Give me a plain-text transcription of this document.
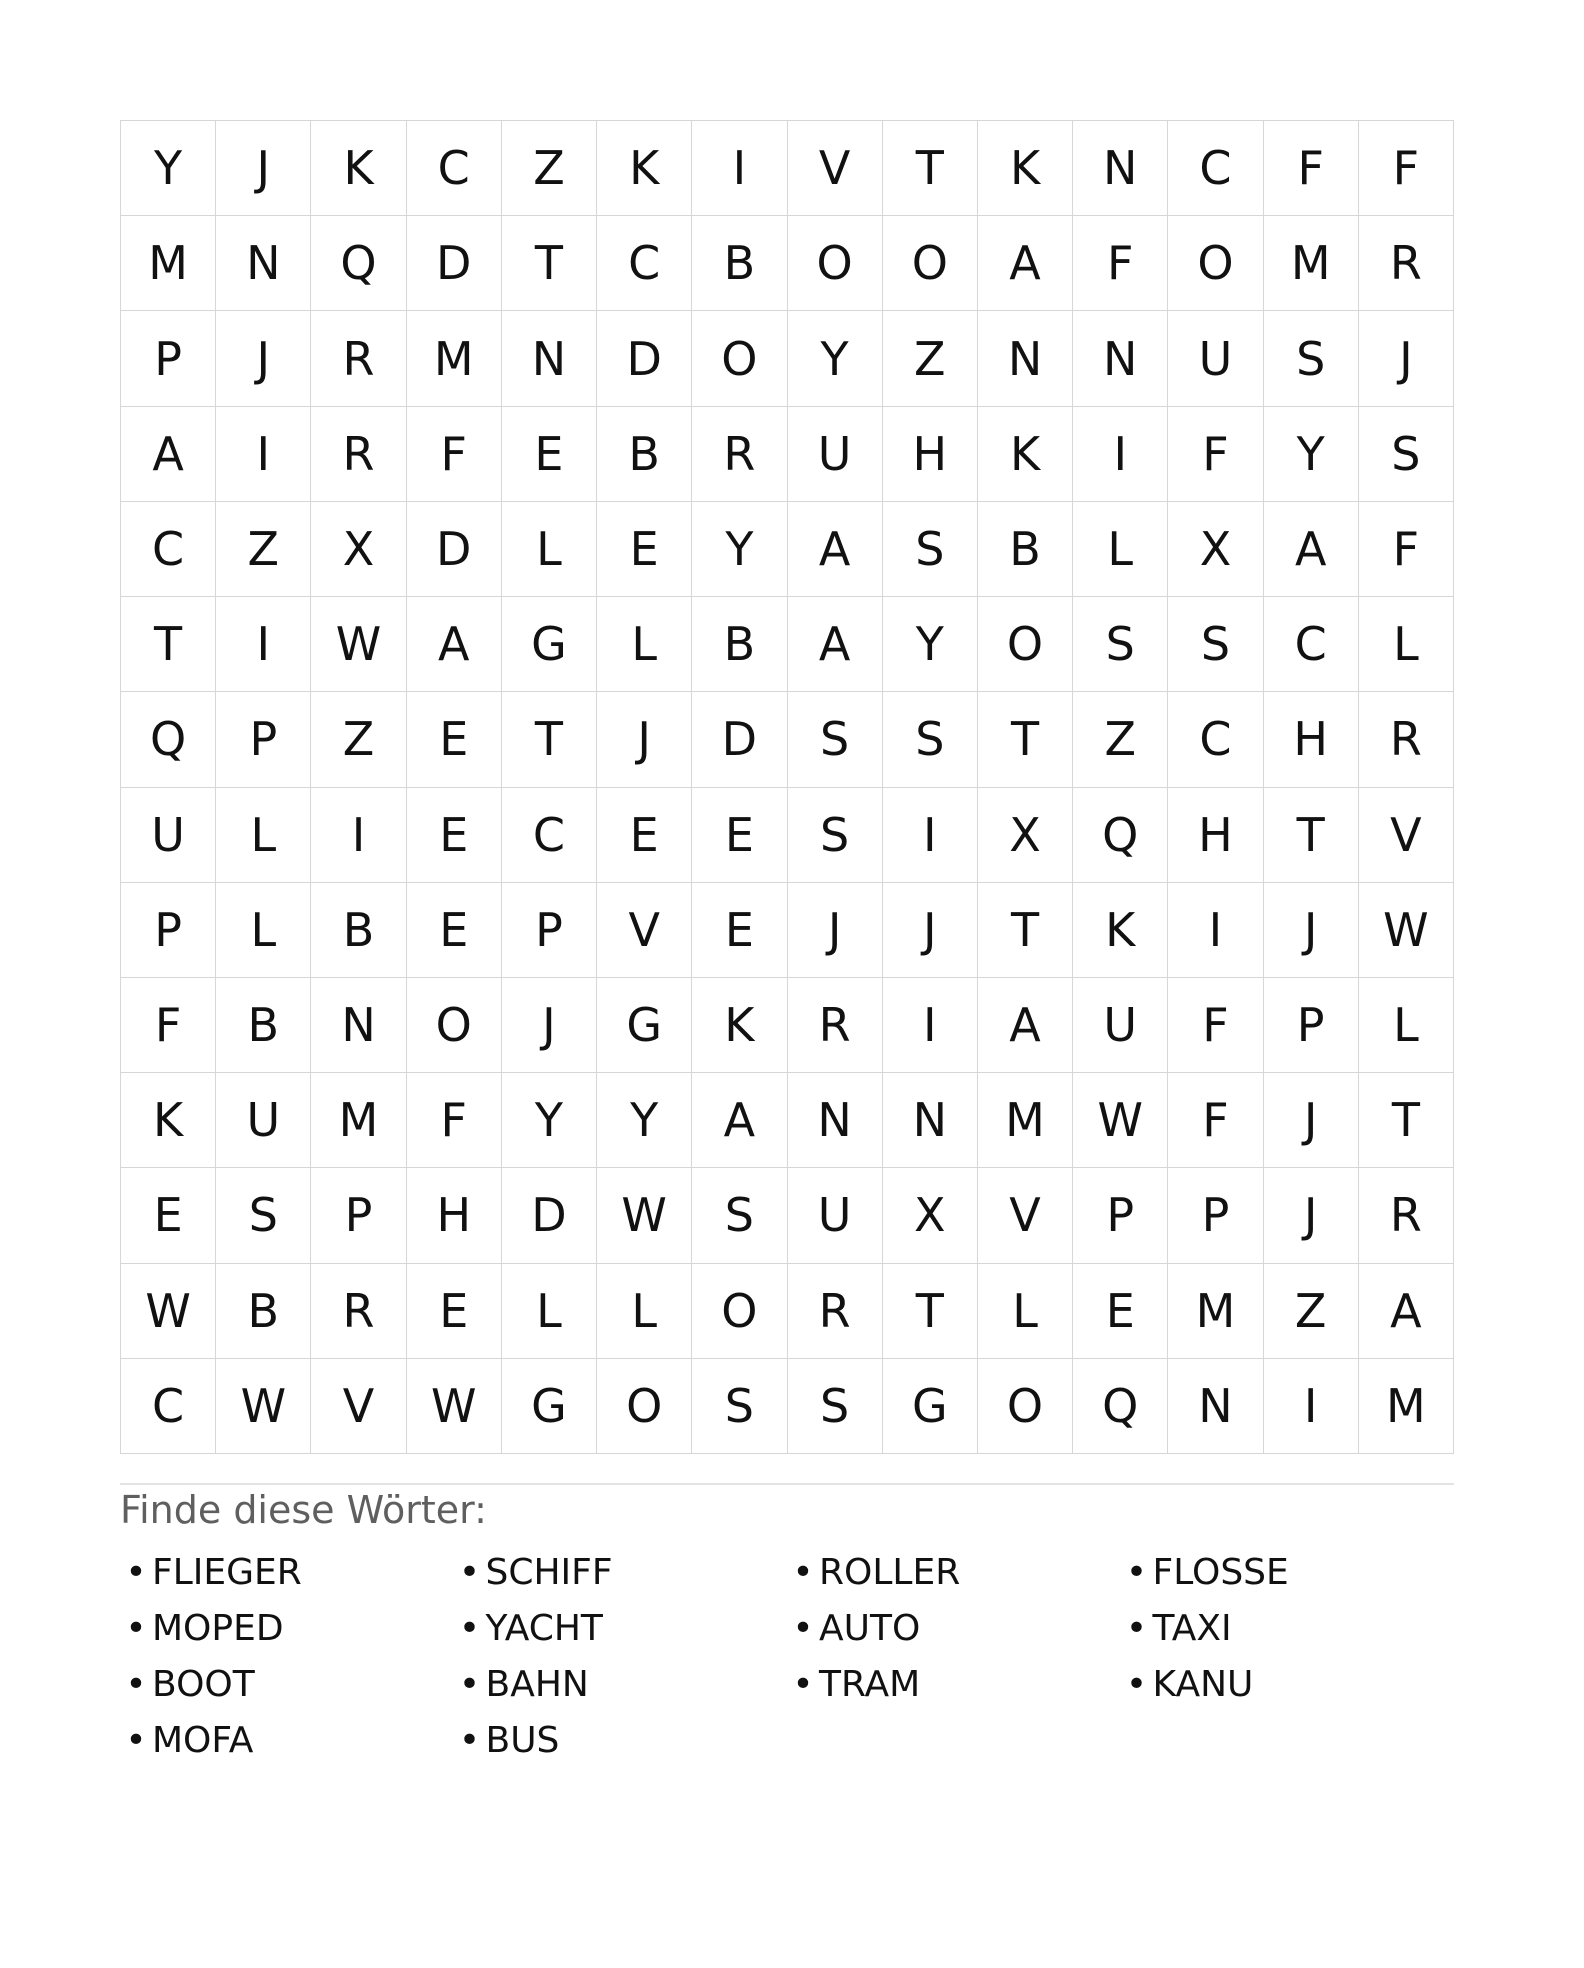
Y	J	K	C	Z	K	I	V	T	K	N	C	F	F
M	N	Q	D	T	C	B	O	O	A	F	O	M	R
P	J	R	M	N	D	O	Y	Z	N	N	U	S	J
A	I	R	F	E	B	R	U	H	K	I	F	Y	S
C	Z	X	D	L	E	Y	A	S	B	L	X	A	F
T	I	W	A	G	L	B	A	Y	O	S	S	C	L
Q	P	Z	E	T	J	D	S	S	T	Z	C	H	R
U	L	I	E	C	E	E	S	I	X	Q	H	T	V
P	L	B	E	P	V	E	J	J	T	K	I	J	W
F	B	N	O	J	G	K	R	I	A	U	F	P	L
K	U	M	F	Y	Y	A	N	N	M	W	F	J	T
E	S	P	H	D	W	S	U	X	V	P	P	J	R
W	B	R	E	L	L	O	R	T	L	E	M	Z	A
C	W	V	W	G	O	S	S	G	O	Q	N	I	M
Finde diese Wörter:
• FLIEGER	• SCHIFF	• ROLLER	• FLOSSE
• MOPED	• YACHT	• AUTO	• TAXI
• BOOT	• BAHN	• TRAM	• KANU
• MOFA	• BUS
